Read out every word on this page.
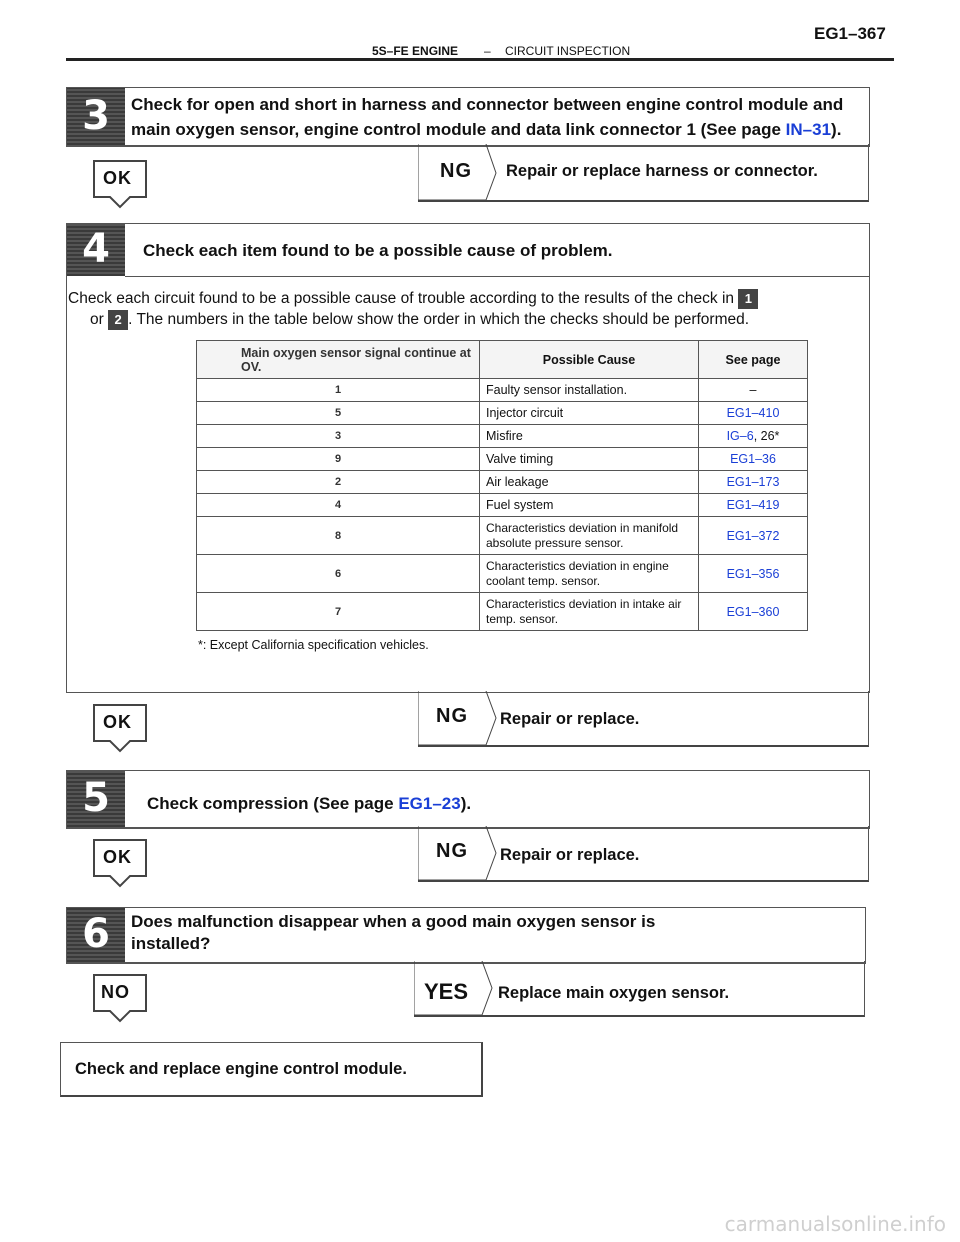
5S–FE ENGINE – CIRCUIT INSPECTION
EG1–367
3	Check for open and short in harness and connector between engine control module and main oxygen sensor, engine control module and data link connector 1 (See page IN–31).
NG Repair or replace harness or connector.
OK
4	Check each item found to be a possible cause of problem.
Check each circuit found to be a possible cause of trouble according to the results of the check in 1
or 2 . The numbers in the table below show the order in which the checks should be performed.
Main oxygen sensor signal continue at OV.	Possible Cause	See page
1	Faulty sensor installation.	–
5	Injector circuit	EG1–410
3	Misfire	IG–6, 26*
9	Valve timing	EG1–36
2	Air leakage	EG1–173
4	Fuel system	EG1–419
8	Characteristics deviation in manifold absolute pressure sensor.	EG1–372
6	Characteristics deviation in engine coolant temp. sensor.	EG1–356
7	Characteristics deviation in intake air temp. sensor.	EG1–360
*: Except California specification vehicles.
NG Repair or replace.
OK
5	Check compression (See page EG1–23).
NG Repair or replace.
OK
6	Does malfunction disappear when a good main oxygen sensor is installed?
YES Replace main oxygen sensor.
NO
Check and replace engine control module.
carmanualsonline.info
